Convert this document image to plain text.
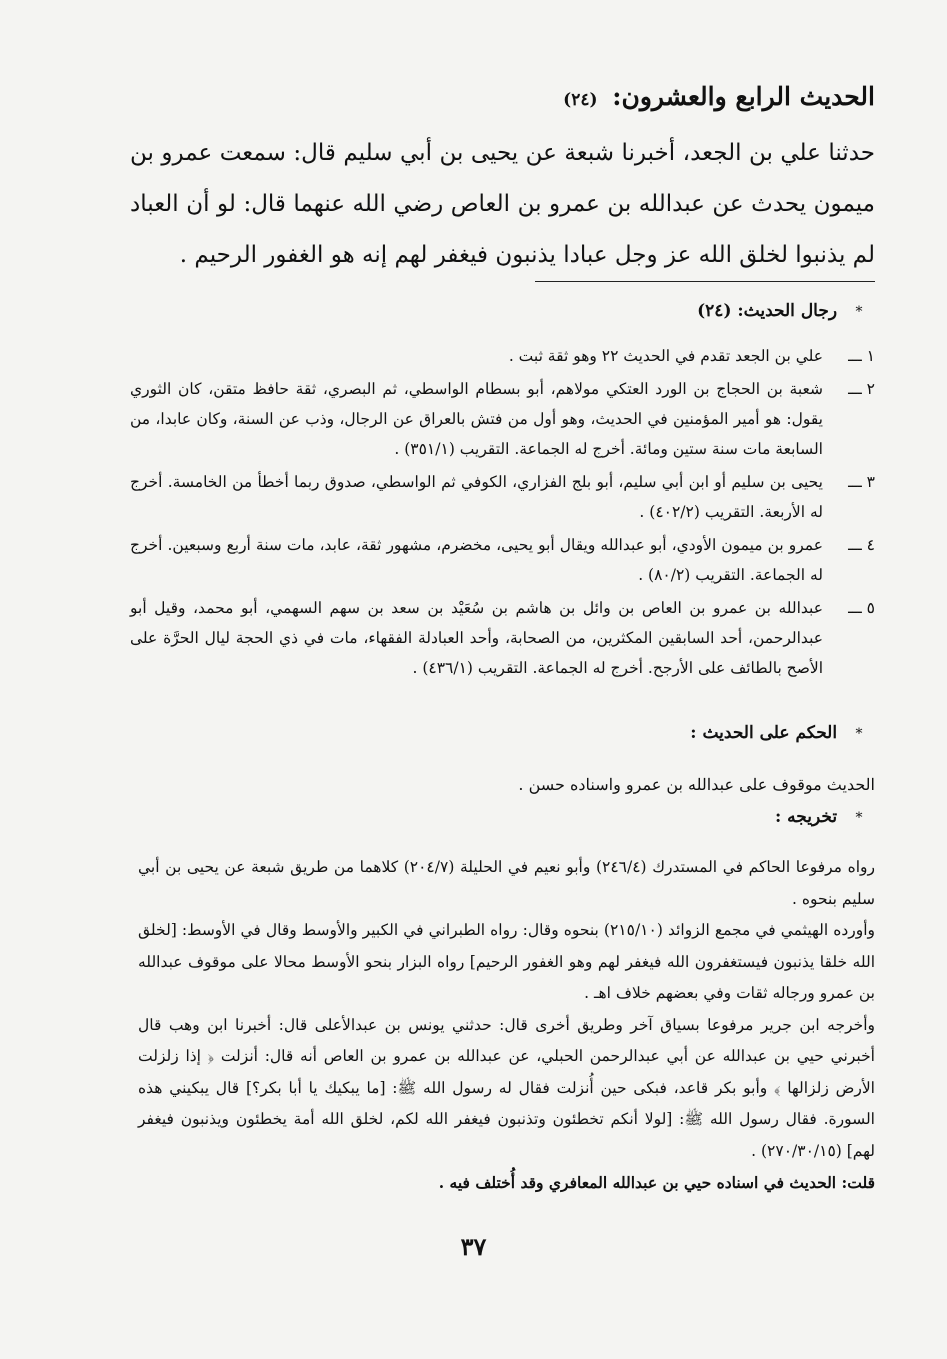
الحديث الرابع والعشرون: (٢٤)
حدثنا علي بن الجعد، أخبرنا شبعة عن يحيى بن أبي سليم قال: سمعت عمرو بن ميمون يحدث عن عبدالله بن عمرو بن العاص رضي الله عنهما قال: لو أن العباد لم يذنبوا لخلق الله عز وجل عبادا يذنبون فيغفر لهم إنه هو الغفور الرحيم .
* رجال الحديث: (٢٤)
١ ـــ
علي بن الجعد تقدم في الحديث ٢٢ وهو ثقة ثبت .
٢ ـــ
شعبة بن الحجاج بن الورد العتكي مولاهم، أبو بسطام الواسطي، ثم البصري، ثقة حافظ متقن، كان الثوري يقول: هو أمير المؤمنين في الحديث، وهو أول من فتش بالعراق عن الرجال، وذب عن السنة، وكان عابدا، من السابعة مات سنة ستين ومائة. أخرج له الجماعة. التقريب (٣٥١/١) .
٣ ـــ
يحيى بن سليم أو ابن أبي سليم، أبو بلج الفزاري، الكوفي ثم الواسطي، صدوق ربما أخطأ من الخامسة. أخرج له الأربعة. التقريب (٤٠٢/٢) .
٤ ـــ
عمرو بن ميمون الأودي، أبو عبدالله ويقال أبو يحيى، مخضرم، مشهور ثقة، عابد، مات سنة أربع وسبعين. أخرج له الجماعة. التقريب (٨٠/٢) .
٥ ـــ
عبدالله بن عمرو بن العاص بن وائل بن هاشم بن سُعَيْد بن سعد بن سهم السهمي، أبو محمد، وقيل أبو عبدالرحمن، أحد السابقين المكثرين، من الصحابة، وأحد العبادلة الفقهاء، مات في ذي الحجة ليال الحرَّة على الأصح بالطائف على الأرجح. أخرج له الجماعة. التقريب (٤٣٦/١) .
* الحكم على الحديث :
الحديث موقوف على عبدالله بن عمرو واسناده حسن .
* تخريجه :
رواه مرفوعا الحاكم في المستدرك (٢٤٦/٤) وأبو نعيم في الحليلة (٢٠٤/٧) كلاهما من طريق شبعة عن يحيى بن أبي سليم بنحوه .
وأورده الهيثمي في مجمع الزوائد (٢١٥/١٠) بنحوه وقال: رواه الطبراني في الكبير والأوسط وقال في الأوسط: [لخلق الله خلقا يذنبون فيستغفرون الله فيغفر لهم وهو الغفور الرحيم] رواه البزار بنحو الأوسط محالا على موقوف عبدالله بن عمرو ورجاله ثقات وفي بعضهم خلاف اهـ .
وأخرجه ابن جرير مرفوعا بسياق آخر وطريق أخرى قال: حدثني يونس بن عبدالأعلى قال: أخبرنا ابن وهب قال أخبرني حيي بن عبدالله عن أبي عبدالرحمن الحبلي، عن عبدالله بن عمرو بن العاص أنه قال: أنزلت ﴿ إذا زلزلت الأرض زلزالها ﴾ وأبو بكر قاعد، فبكى حين أُنزلت فقال له رسول الله ﷺ: [ما يبكيك يا أبا بكر؟] قال يبكيني هذه السورة. فقال رسول الله ﷺ: [لولا أنكم تخطئون وتذنبون فيغفر الله لكم، لخلق الله أمة يخطئون ويذنبون فيغفر لهم] (٢٧٠/٣٠/١٥) .
قلت: الحديث في اسناده حيي بن عبدالله المعافري وقد أُختلف فيه .
٣٧
